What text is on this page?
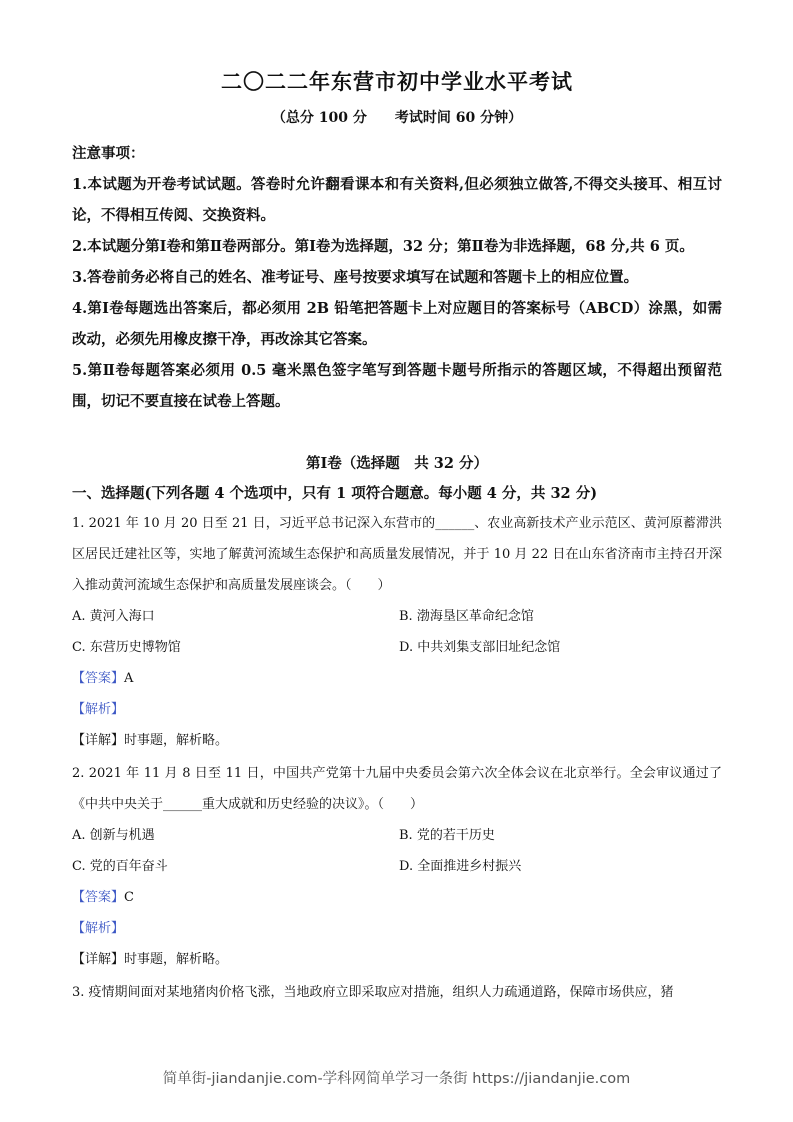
二〇二二年东营市初中学业水平考试
（总分 100 分　　考试时间 60 分钟）
注意事项：

1.本试题为开卷考试试题。答卷时允许翻看课本和有关资料,但必须独立做答,不得交头接耳、相互讨论，不得相互传阅、交换资料。

2.本试题分第Ⅰ卷和第Ⅱ卷两部分。第Ⅰ卷为选择题，32 分；第Ⅱ卷为非选择题，68 分,共 6 页。

3.答卷前务必将自己的姓名、准考证号、座号按要求填写在试题和答题卡上的相应位置。

4.第Ⅰ卷每题选出答案后，都必须用 2B 铅笔把答题卡上对应题目的答案标号（ABCD）涂黑，如需改动，必须先用橡皮擦干净，再改涂其它答案。

5.第Ⅱ卷每题答案必须用 0.5 毫米黑色签字笔写到答题卡题号所指示的答题区域，不得超出预留范围，切记不要直接在试卷上答题。

第Ⅰ卷（选择题　共 32 分）
一、选择题(下列各题 4 个选项中，只有 1 项符合题意。每小题 4 分，共 32 分)

1. 2021 年 10 月 20 日至 21 日，习近平总书记深入东营市的______、农业高新技术产业示范区、黄河原蓄滞洪区居民迁建社区等，实地了解黄河流域生态保护和高质量发展情况，并于 10 月 22 日在山东省济南市主持召开深入推动黄河流域生态保护和高质量发展座谈会。（　　）

A. 黄河入海口	B. 渤海垦区革命纪念馆
C. 东营历史博物馆	D. 中共刘集支部旧址纪念馆
【答案】A
【解析】
【详解】时事题，解析略。

2. 2021 年 11 月 8 日至 11 日，中国共产党第十九届中央委员会第六次全体会议在北京举行。全会审议通过了《中共中央关于______重大成就和历史经验的决议》。（　　）

A. 创新与机遇	B. 党的若干历史
C. 党的百年奋斗	D. 全面推进乡村振兴
【答案】C
【解析】
【详解】时事题，解析略。

3. 疫情期间面对某地猪肉价格飞涨，当地政府立即采取应对措施，组织人力疏通道路，保障市场供应，猪

简单街-jiandanjie.com-学科网简单学习一条街 https://jiandanjie.com
